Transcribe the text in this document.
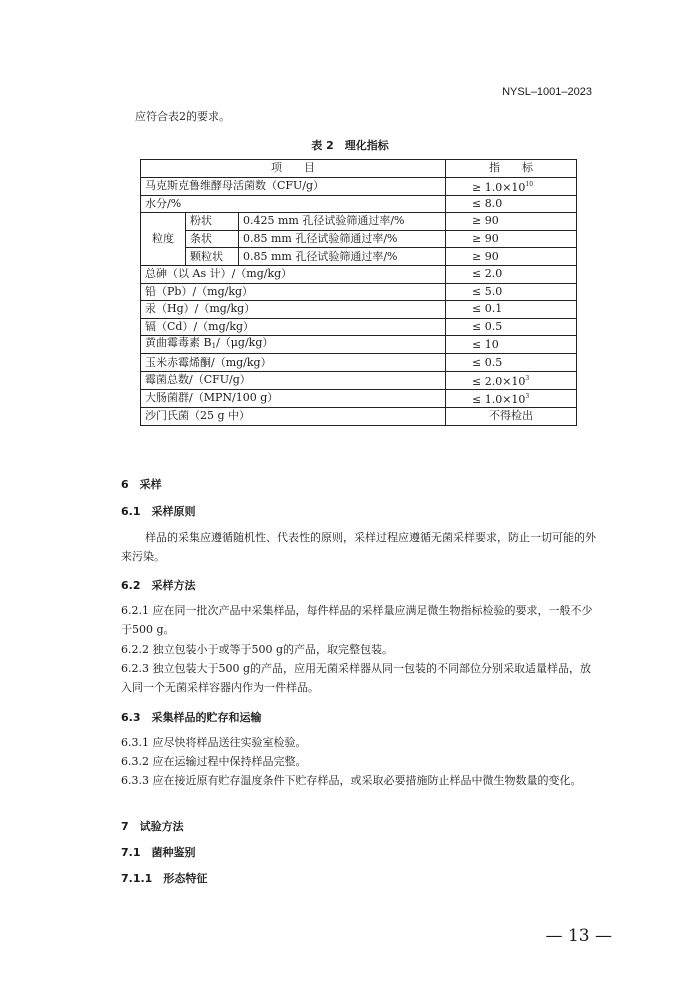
NYSL–1001–2023
应符合表2的要求。
表 2　理化指标
项　　目			指　　标
马克斯克鲁维酵母活菌数（CFU/g）			≥ $1.0\times 10^{10}$
水分/%			≤ 8.0
粒度	粉状	0.425 mm 孔径试验筛通过率/%	≥ 90
	条状	0.85 mm 孔径试验筛通过率/%	≥ 90
	颗粒状	0.85 mm 孔径试验筛通过率/%	≥ 90
总砷（以 As 计）/（mg/kg）			≤ 2.0
铅（Pb）/（mg/kg）			≤ 5.0
汞（Hg）/（mg/kg）			≤ 0.1
镉（Cd）/（mg/kg）			≤ 0.5
黄曲霉毒素 $B_1/(\mu g/kg)$			≤ 10
玉米赤霉烯酮/（mg/kg）			≤ 0.5
霉菌总数/（CFU/g）			≤ $2.0\times 10^3$
大肠菌群/（MPN/100 g）			≤ $1.0\times 10^3$
沙门氏菌（25 g 中）			不得检出
6　采样
6.1　采样原则
样品的采集应遵循随机性、代表性的原则，采样过程应遵循无菌采样要求，防止一切可能的外来污染。
6.2　采样方法
6.2.1 应在同一批次产品中采集样品，每件样品的采样量应满足微生物指标检验的要求，一般不少于500 g。
6.2.2 独立包装小于或等于500 g的产品，取完整包装。
6.2.3 独立包装大于500 g的产品，应用无菌采样器从同一包装的不同部位分别采取适量样品，放入同一个无菌采样容器内作为一件样品。
6.3　采集样品的贮存和运输
6.3.1 应尽快将样品送往实验室检验。
6.3.2 应在运输过程中保持样品完整。
6.3.3 应在接近原有贮存温度条件下贮存样品，或采取必要措施防止样品中微生物数量的变化。
7　试验方法
7.1　菌种鉴别
7.1.1　形态特征
— 13 —
